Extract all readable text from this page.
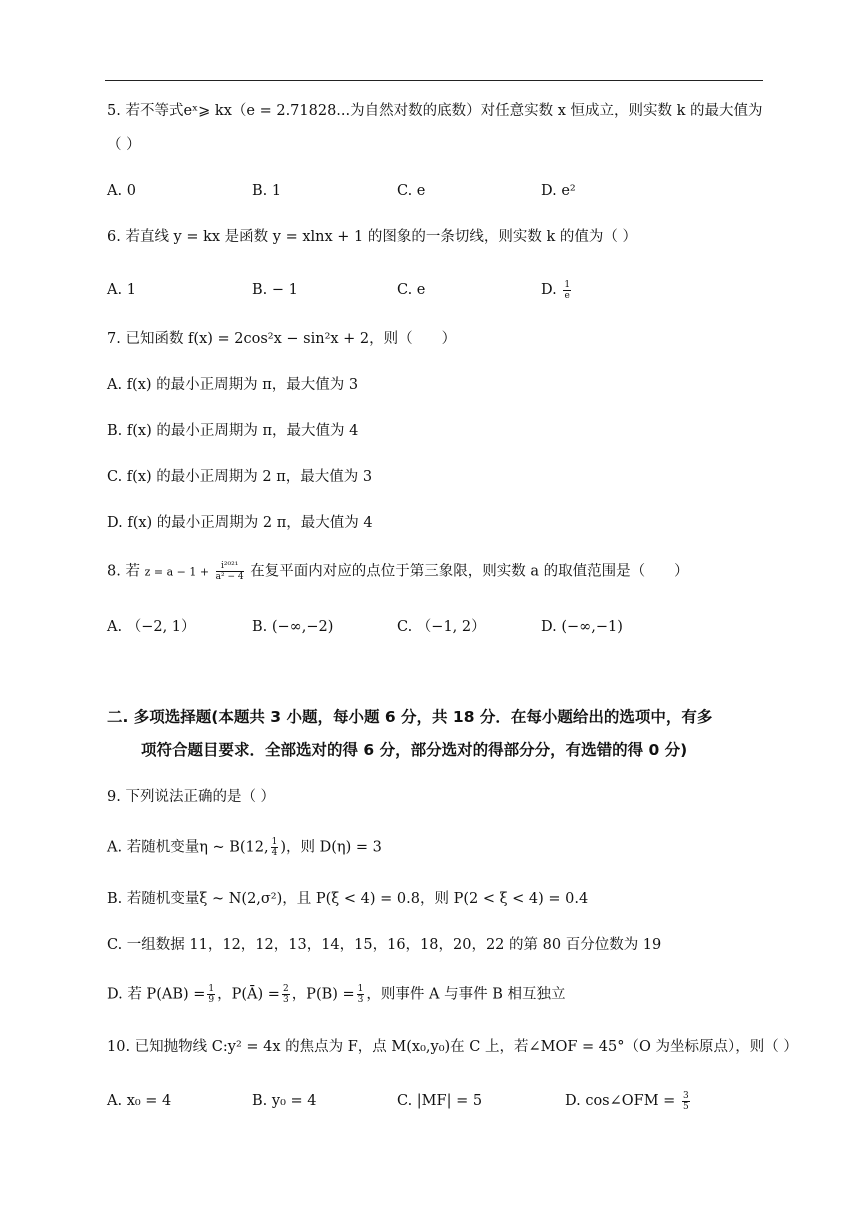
5. 若不等式eˣ⩾ kx（e = 2.71828...为自然对数的底数）对任意实数 x 恒成立，则实数 k 的最大值为
（ ）
A. 0	B. 1	C. e	D. e²
6. 若直线 y = kx 是函数 y = xlnx + 1 的图象的一条切线，则实数 k 的值为（ ）
A. 1	B. − 1	C. e	D. $\frac{1}{e}$
7. 已知函数 f(x) = 2cos²x − sin²x + 2，则（　　）
A. f(x) 的最小正周期为 π，最大值为 3
B. f(x) 的最小正周期为 π，最大值为 4
C. f(x) 的最小正周期为 2 π，最大值为 3
D. f(x) 的最小正周期为 2 π，最大值为 4
8. 若 $z = a - 1 + \frac{\text{i²⁰²¹}}{\text{a² − 4}}$ 在复平面内对应的点位于第三象限，则实数 a 的取值范围是（　　）
A. （−2, 1）	B. (−∞,−2)	C. （−1, 2）	D. (−∞,−1)
二. 多项选择题(本题共 3 小题，每小题 6 分，共 18 分．在每小题给出的选项中，有多
项符合题目要求．全部选对的得 6 分，部分选对的得部分分，有选错的得 0 分)
9. 下列说法正确的是（ ）
A. 若随机变量η ~ B(12, $\frac{1}{4}$ )，则 D(η) = 3
B. 若随机变量ξ ~ N(2,σ²)，且 P(ξ < 4) = 0.8，则 P(2 < ξ < 4) = 0.4
C. 一组数据 11，12，12，13，14，15，16，18，20，22 的第 80 百分位数为 19
D. 若 $P(AB) = \frac{1}{9}$ ，P(Ā) = $\frac{2}{3}$ ，$P(B) = \frac{1}{3}$ ，则事件 A 与事件 B 相互独立
10. 已知抛物线 C:y² = 4x 的焦点为 F，点 M(x₀,y₀)在 C 上，若∠MOF = 45°（O 为坐标原点），则（ ）
A. x₀ = 4	B. y₀ = 4	C. |MF| = 5	D. cos∠OFM = $\frac{3}{5}$
